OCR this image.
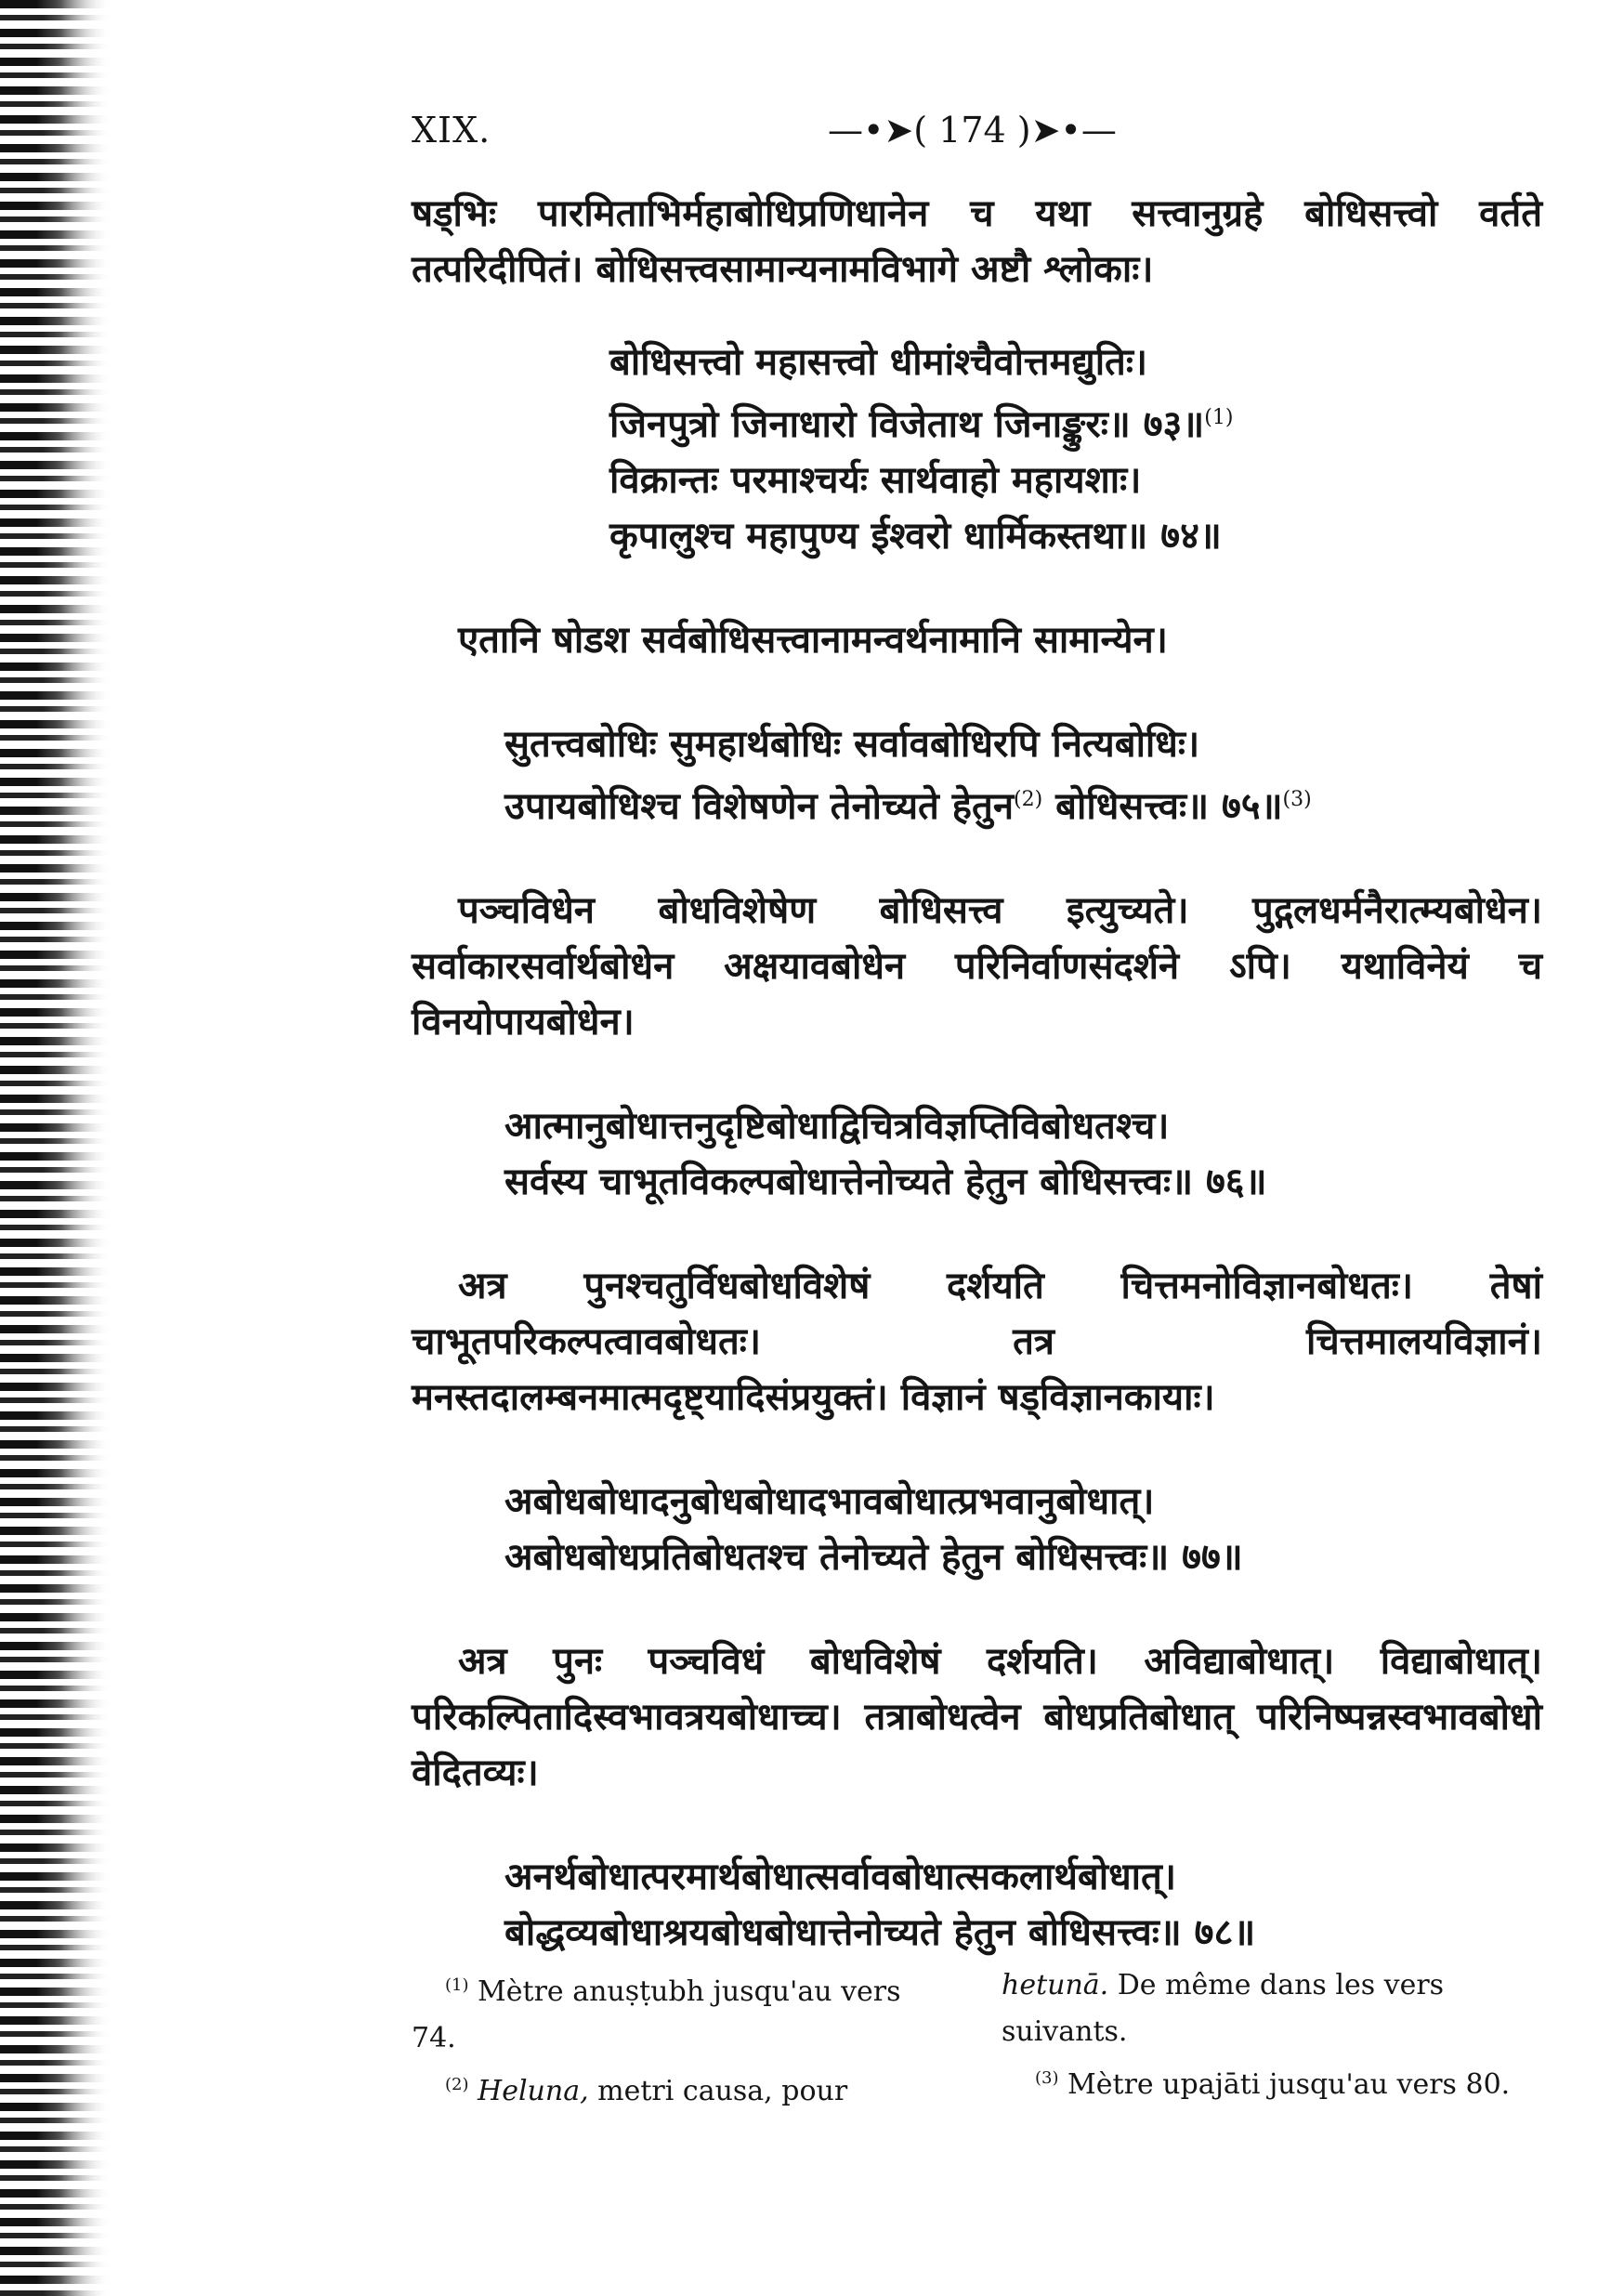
XIX.	—•➤( 174 )➤•—

षड्भिः पारमिताभिर्महाबोधिप्रणिधानेन च यथा सत्त्वानुग्रहे बोधिसत्त्वो वर्तते तत्परिदीपितं। बोधिसत्त्वसामान्यनामविभागे अष्टौ श्लोकाः।

बोधिसत्त्वो महासत्त्वो धीमांश्चैवोत्तमद्युतिः।
जिनपुत्रो जिनाधारो विजेताथ जिनाङ्कुरः॥ ७३॥$^{(1)}$
विक्रान्तः परमाश्चर्यः सार्थवाहो महायशाः।
कृपालुश्च महापुण्य ईश्वरो धार्मिकस्तथा॥ ७४॥

एतानि षोडश सर्वबोधिसत्त्वानामन्वर्थनामानि सामान्येन।

सुतत्त्वबोधिः सुमहार्थबोधिः सर्वावबोधिरपि नित्यबोधिः।
उपायबोधिश्च विशेषणेन तेनोच्यते हेतुन$^{(2)}$ बोधिसत्त्वः॥ ७५॥$^{(3)}$

पञ्चविधेन बोधविशेषेण बोधिसत्त्व इत्युच्यते। पुद्गलधर्मनैरात्म्यबोधेन। सर्वाकारसर्वार्थबोधेन अक्षयावबोधेन परिनिर्वाणसंदर्शने ऽपि। यथाविनेयं च विनयोपायबोधेन।

आत्मानुबोधात्तनुदृष्टिबोधाद्विचित्रविज्ञप्तिविबोधतश्च।
सर्वस्य चाभूतविकल्पबोधात्तेनोच्यते हेतुन बोधिसत्त्वः॥ ७६॥

अत्र पुनश्चतुर्विधबोधविशेषं दर्शयति चित्तमनोविज्ञानबोधतः। तेषां चाभूतपरिकल्पत्वावबोधतः। तत्र चित्तमालयविज्ञानं। मनस्तदालम्बनमात्मदृष्ट्यादिसंप्रयुक्तं। विज्ञानं षड्विज्ञानकायाः।

अबोधबोधादनुबोधबोधादभावबोधात्प्रभवानुबोधात्।
अबोधबोधप्रतिबोधतश्च तेनोच्यते हेतुन बोधिसत्त्वः॥ ७७॥

अत्र पुनः पञ्चविधं बोधविशेषं दर्शयति। अविद्याबोधात्। विद्याबोधात्। परिकल्पितादिस्वभावत्रयबोधाच्च। तत्राबोधत्वेन बोधप्रतिबोधात् परिनिष्पन्नस्वभावबोधो वेदितव्यः।

अनर्थबोधात्परमार्थबोधात्सर्वावबोधात्सकलार्थबोधात्।
बोद्धव्यबोधाश्रयबोधबोधात्तेनोच्यते हेतुन बोधिसत्त्वः॥ ७८॥

$^{(1)}$ Mètre anuṣṭubh jusqu'au vers 74.

$^{(2)}$ Heluna, metri causa, pour

hetunā. De même dans les vers suivants.

$^{(3)}$ Mètre upajāti jusqu'au vers 80.
